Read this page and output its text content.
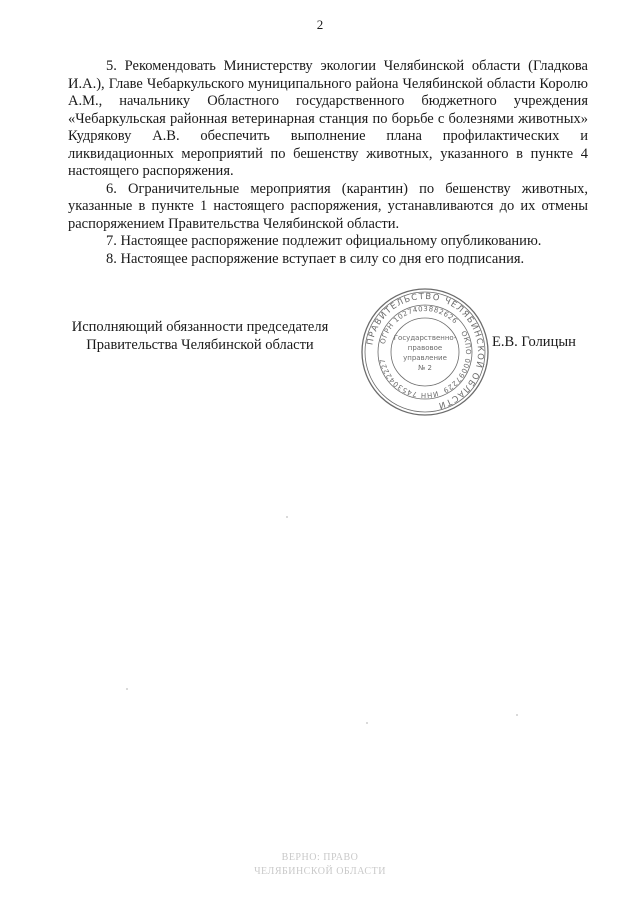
2

5. Рекомендовать Министерству экологии Челябинской области (Гладкова И.А.), Главе Чебаркульского муниципального района Челябинской области Королю А.М., начальнику Областного государственного бюджетного учреждения «Чебаркульская районная ветеринарная станция по борьбе с болезнями животных» Кудрякову А.В. обеспечить выполнение плана профилактических и ликвидационных мероприятий по бешенству животных, указанного в пункте 4 настоящего распоряжения.

6. Ограничительные мероприятия (карантин) по бешенству животных, указанные в пункте 1 настоящего распоряжения, устанавливаются до их отмены распоряжением Правительства Челябинской области.

7. Настоящее распоряжение подлежит официальному опубликованию.

8. Настоящее распоряжение вступает в силу со дня его подписания.

Исполняющий обязанности председателя
Правительства Челябинской области	ПРАВИТЕЛЬСТВО ЧЕЛЯБИНСКОЙ ОБЛАСТИ
ОГРН 1027403882626
ОКПО 00097229
ИНН 7453042227
Государственно-
правовое
управление
№ 2
Е.В. Голицын
ВЕРНО: ПРАВО
ЧЕЛЯБИНСКОЙ ОБЛАСТИ
